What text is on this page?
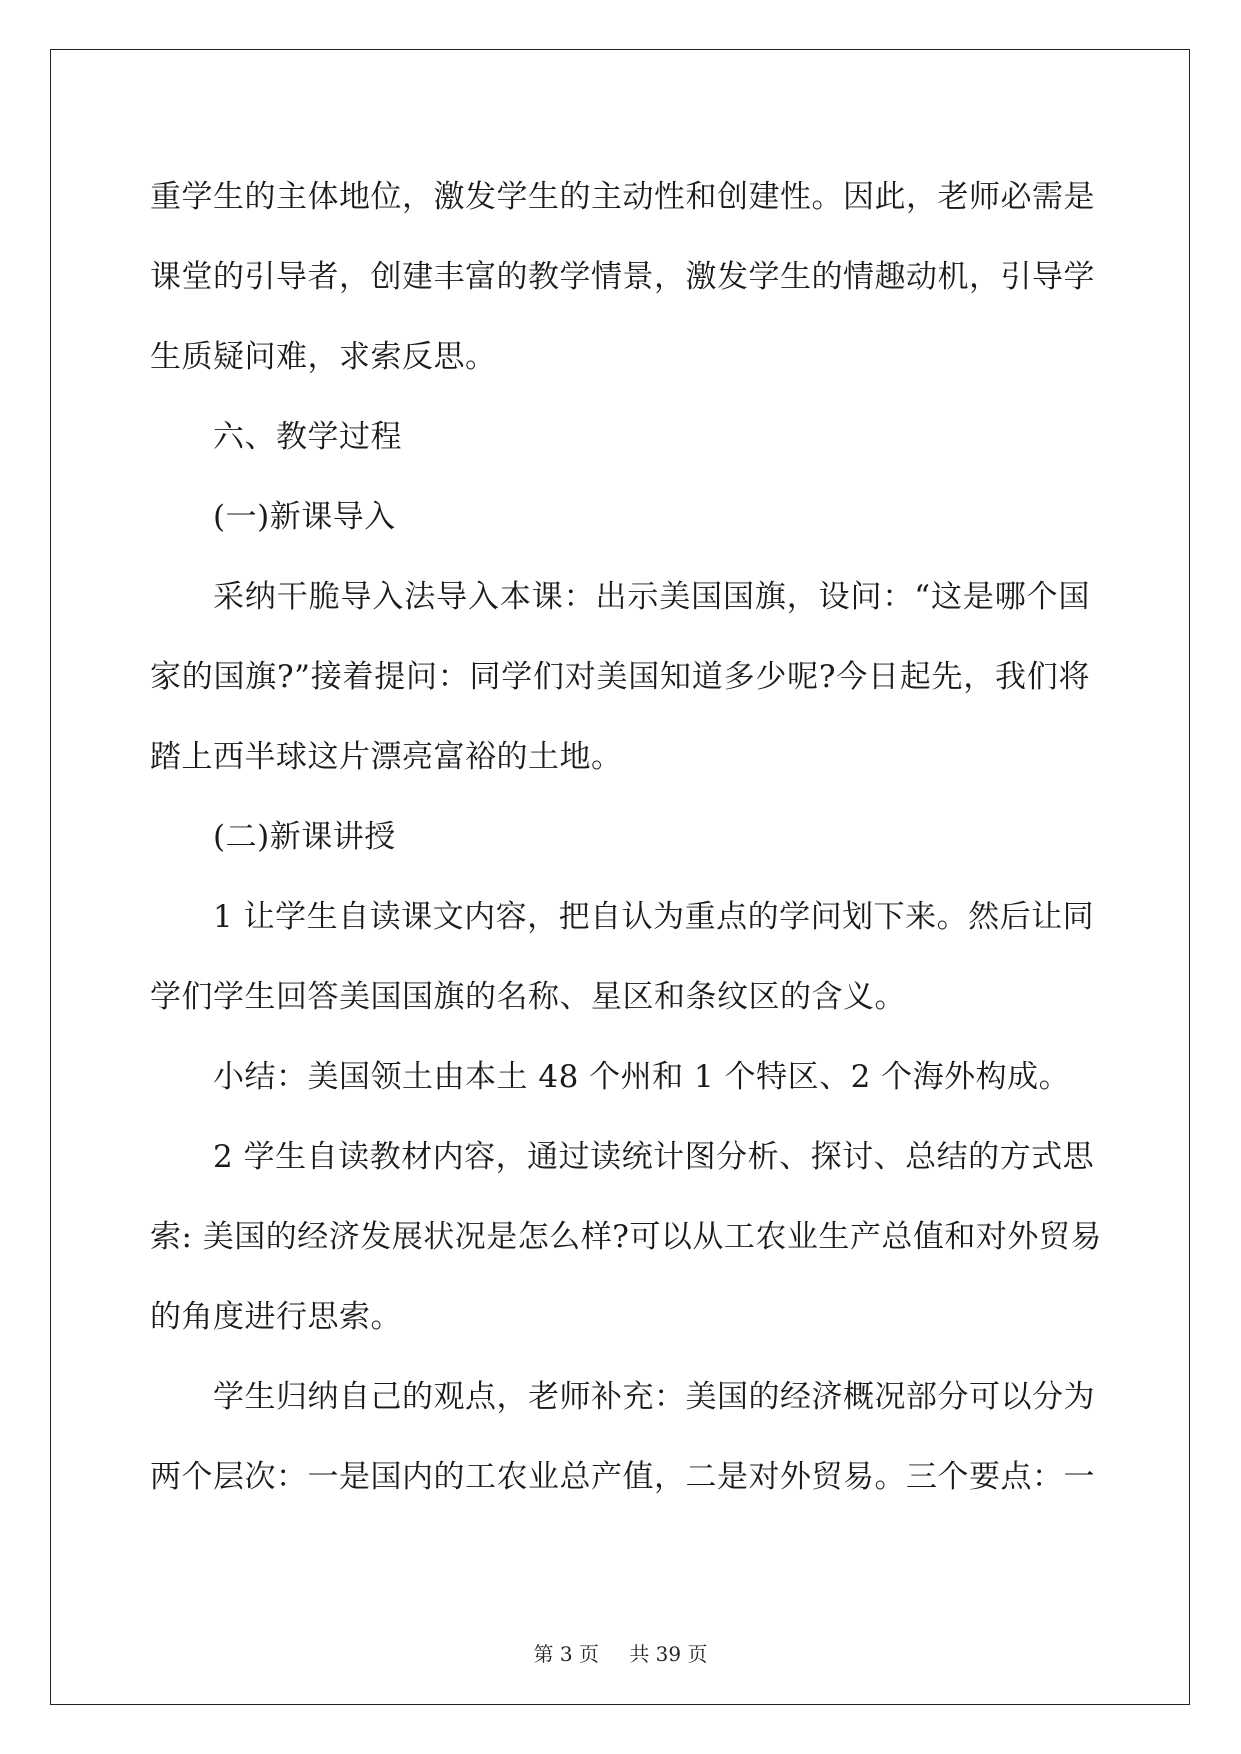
重学生的主体地位，激发学生的主动性和创建性。因此，老师必需是
课堂的引导者，创建丰富的教学情景，激发学生的情趣动机，引导学
生质疑问难，求索反思。
六、教学过程
(一)新课导入
采纳干脆导入法导入本课：出示美国国旗，设问：“这是哪个国
家的国旗?”接着提问：同学们对美国知道多少呢?今日起先，我们将
踏上西半球这片漂亮富裕的土地。
(二)新课讲授
1 让学生自读课文内容，把自认为重点的学问划下来。然后让同
学们学生回答美国国旗的名称、星区和条纹区的含义。
小结：美国领土由本土 48 个州和 1 个特区、2 个海外构成。
2 学生自读教材内容，通过读统计图分析、探讨、总结的方式思
索: 美国的经济发展状况是怎么样?可以从工农业生产总值和对外贸易
的角度进行思索。
学生归纳自己的观点，老师补充：美国的经济概况部分可以分为
两个层次：一是国内的工农业总产值，二是对外贸易。三个要点：一
第 3 页 共 39 页
